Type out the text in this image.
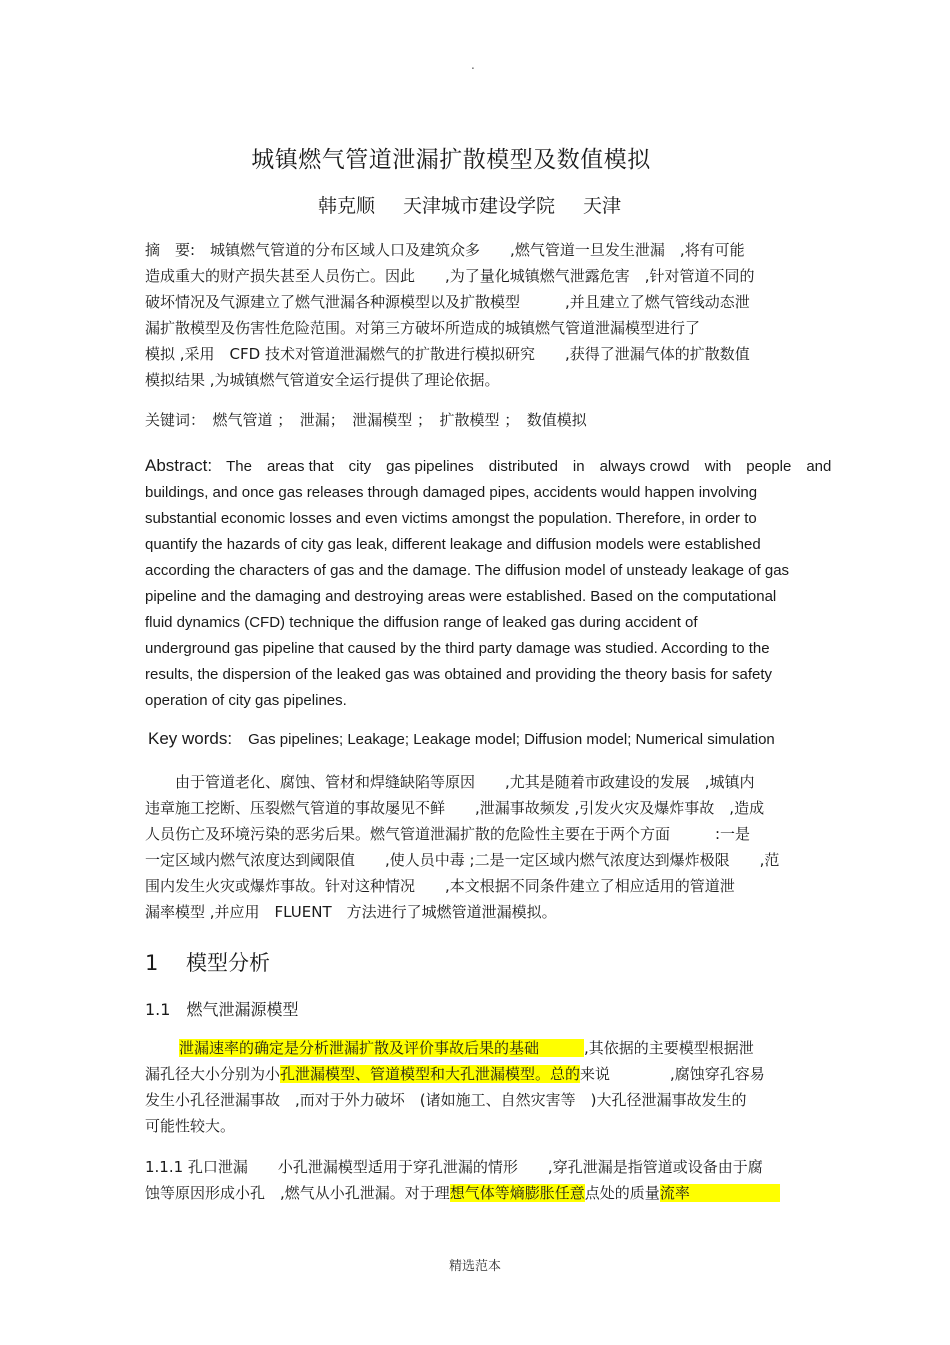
.
城镇燃气管道泄漏扩散模型及数值模拟
韩克顺 天津城市建设学院 天津
摘　要:　城镇燃气管道的分布区域人口及建筑众多　　,燃气管道一旦发生泄漏　,将有可能
造成重大的财产损失甚至人员伤亡。因此　　,为了量化城镇燃气泄露危害　,针对管道不同的
破坏情况及气源建立了燃气泄漏各种源模型以及扩散模型　　　,并且建立了燃气管线动态泄
漏扩散模型及伤害性危险范围。对第三方破坏所造成的城镇燃气管道泄漏模型进行了
模拟 ,采用　CFD 技术对管道泄漏燃气的扩散进行模拟研究　　,获得了泄漏气体的扩散数值
模拟结果 ,为城镇燃气管道安全运行提供了理论依据。
关键词：　燃气管道 ；　泄漏；　泄漏模型 ；　扩散模型 ；　数值模拟
Abstract: The　areas that　city　gas pipelines　distributed　in　always crowd　with　people　and
buildings, and once gas releases through damaged pipes, accidents would happen involving
substantial economic losses and even victims amongst the population. Therefore, in order to
quantify the hazards of city gas leak, different leakage and diffusion models were established
according the characters of gas and the damage. The diffusion model of unsteady leakage of gas
pipeline and the damaging and destroying areas were established. Based on the computational
fluid dynamics (CFD) technique the diffusion range of leaked gas during accident of
underground gas pipeline that caused by the third party damage was studied. According to the
results, the dispersion of the leaked gas was obtained and providing the theory basis for safety
operation of city gas pipelines.
Key words: Gas pipelines; Leakage; Leakage model; Diffusion model; Numerical simulation
　　由于管道老化、腐蚀、管材和焊缝缺陷等原因　　,尤其是随着市政建设的发展　,城镇内
违章施工挖断、压裂燃气管道的事故屡见不鲜　　,泄漏事故频发 ,引发火灾及爆炸事故　,造成
人员伤亡及环境污染的恶劣后果。燃气管道泄漏扩散的危险性主要在于两个方面　　　:一是
一定区域内燃气浓度达到阈限值　　,使人员中毒 ;二是一定区域内燃气浓度达到爆炸极限　　,范
围内发生火灾或爆炸事故。针对这种情况　　,本文根据不同条件建立了相应适用的管道泄
漏率模型 ,并应用　FLUENT　方法进行了城燃管道泄漏模拟。
1　 模型分析
1.1　燃气泄漏源模型
泄漏速率的确定是分析泄漏扩散及评价事故后果的基础　　　,其依据的主要模型根据泄
漏孔径大小分别为小孔泄漏模型、管道模型和大孔泄漏模型。总的来说　　　　,腐蚀穿孔容易
发生小孔径泄漏事故　,而对于外力破坏　(诸如施工、自然灾害等　)大孔径泄漏事故发生的
可能性较大。
1.1.1 孔口泄漏　　小孔泄漏模型适用于穿孔泄漏的情形　　,穿孔泄漏是指管道或设备由于腐
蚀等原因形成小孔　,燃气从小孔泄漏。对于理想气体等熵膨胀任意点处的质量流率　　　　　　
精选范本
